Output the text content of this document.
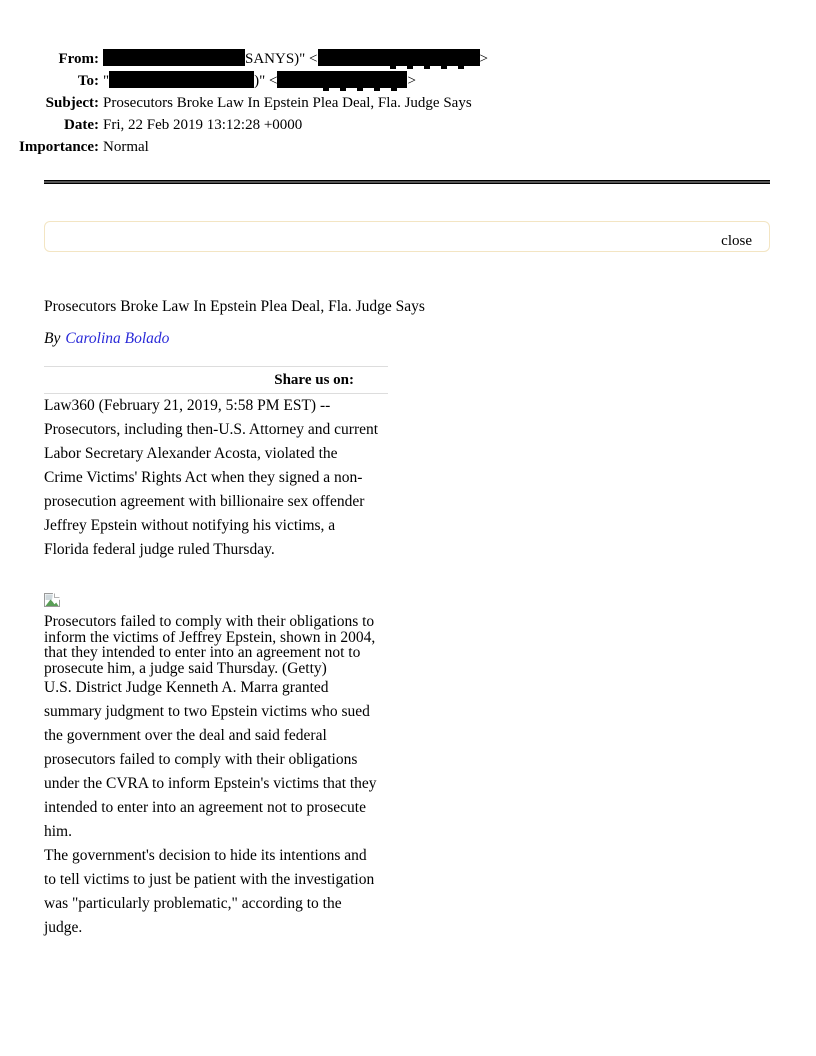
From:	SANYS)" <	>
To: "	)" <	>
Subject: Prosecutors Broke Law In Epstein Plea Deal, Fla. Judge Says
Date: Fri, 22 Feb 2019 13:12:28 +0000
Importance: Normal
close
Prosecutors Broke Law In Epstein Plea Deal, Fla. Judge Says
By Carolina Bolado
Share us on:

Law360 (February 21, 2019, 5:58 PM EST) --
Prosecutors, including then-U.S. Attorney and current
Labor Secretary Alexander Acosta, violated the
Crime Victims' Rights Act when they signed a non-
prosecution agreement with billionaire sex offender
Jeffrey Epstein without notifying his victims, a
Florida federal judge ruled Thursday.

Prosecutors failed to comply with their obligations to
inform the victims of Jeffrey Epstein, shown in 2004,
that they intended to enter into an agreement not to
prosecute him, a judge said Thursday. (Getty)

U.S. District Judge Kenneth A. Marra granted
summary judgment to two Epstein victims who sued
the government over the deal and said federal
prosecutors failed to comply with their obligations
under the CVRA to inform Epstein's victims that they
intended to enter into an agreement not to prosecute
him.

The government's decision to hide its intentions and
to tell victims to just be patient with the investigation
was "particularly problematic," according to the
judge.
